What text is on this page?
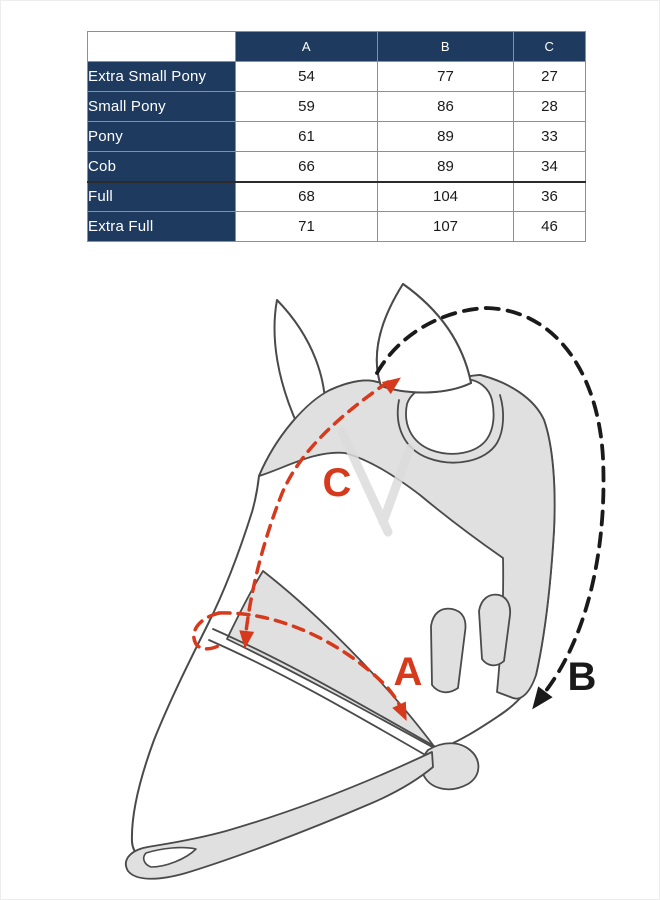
	A	B	C
Extra Small Pony	54	77	27
Small Pony	59	86	28
Pony	61	89	33
Cob	66	89	34
Full	68	104	36
Extra Full	71	107	46
C
A	B
